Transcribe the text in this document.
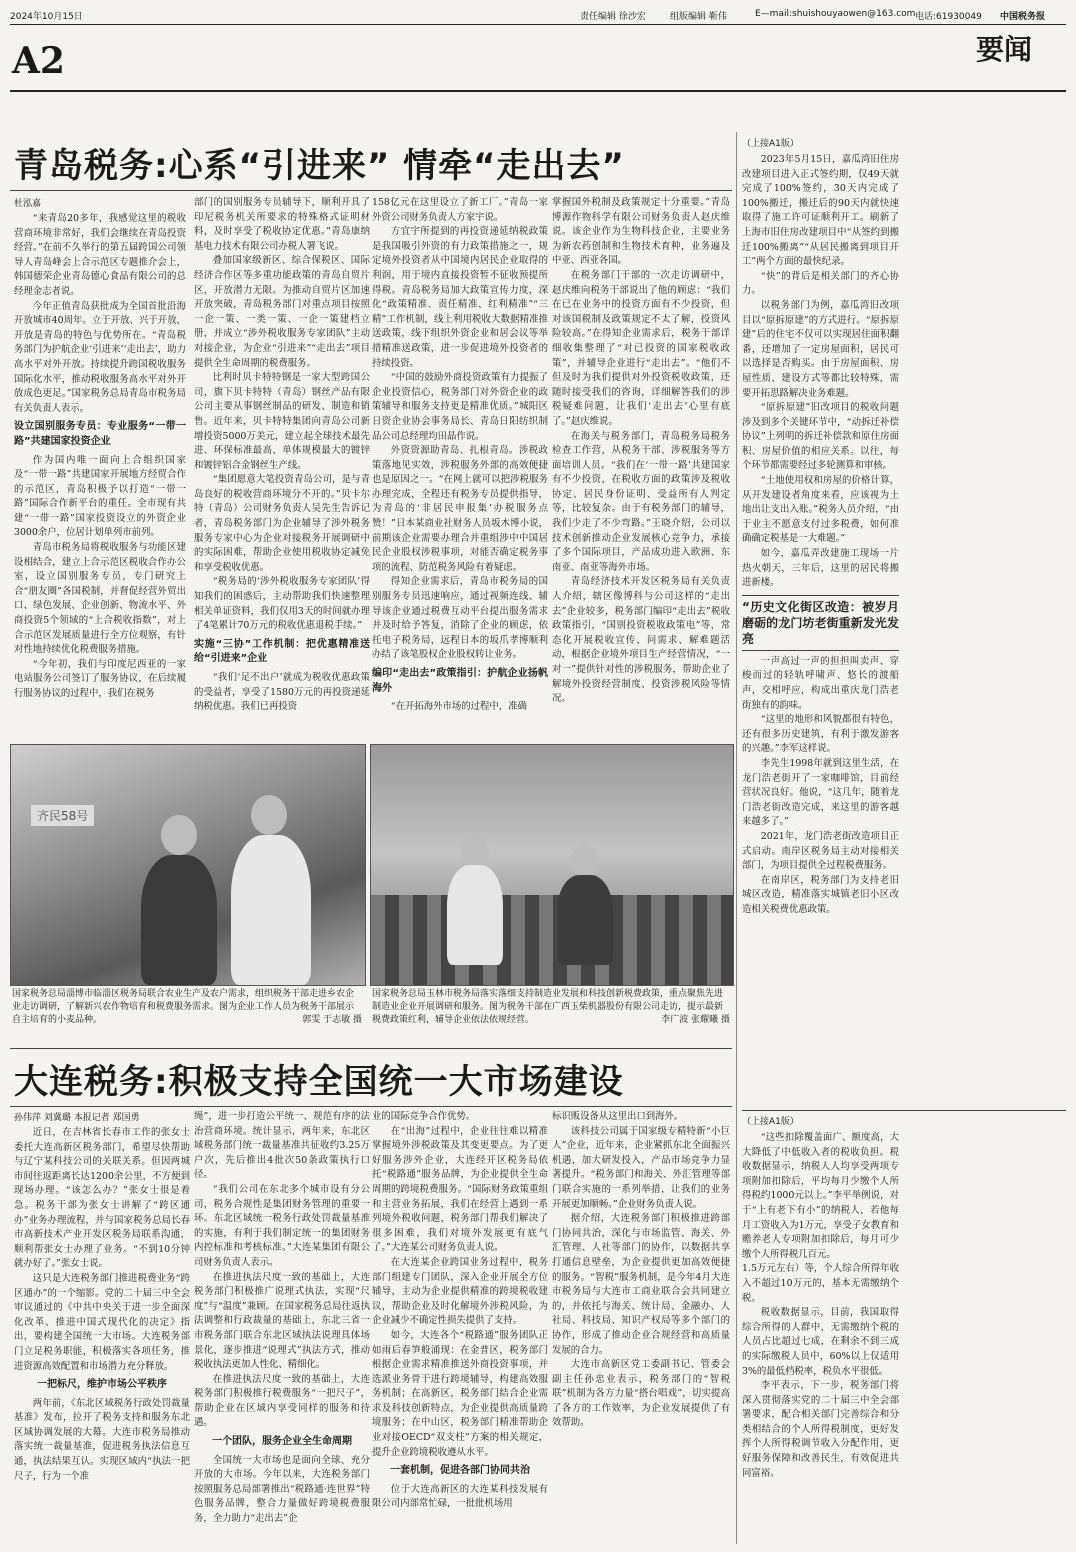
2024年10月15日	责任编辑 徐沙宏	组版编辑 靳伟	E—mail:shuishouyaowen@163.com 电话:61930049 中国税务报
A2	要闻
青岛税务:心系“引进来” 情牵“走出去”
杜泓嘉

“来青岛20多年，我感觉这里的税收营商环境非常好，我们会继续在青岛投资经营。”在前不久举行的第五届跨国公司领导人青岛峰会上合示范区专题推介会上，韩国德荣企业青岛德心食品有限公司的总经理金志者说。

今年正值青岛获批成为全国首批沿海开放城市40周年。立于开放、兴于开放，开放是青岛的特色与优势所在。“青岛税务部门为护航企业‘引进来’‘走出去’，助力高水平对外开放。持续提升跨国税收服务国际化水平，推动税收服务高水平对外开放成色更足。”国家税务总局青岛市税务局有关负责人表示。

设立国别服务专员：专业服务“一带一路”共建国家投资企业

作为国内唯一面向上合组织国家及“一带一路”共建国家开展地方经贸合作的示范区，青岛积极予以打造“一带一路”国际合作新平台的重任。全市现有共建“一带一路”国家投资设立的外资企业3000余户，位居计划单列市前列。

青岛市税务局将税收服务与功能区建设相结合，建立上合示范区税收合作办公室，设立国别服务专员，专门研究上合“朋友圈”各国税制，并督促经营外贸出口、绿色发展、企业创新、物流水平、外商投资5个领域的“上合税收指数”，对上合示范区发展质量进行全方位观察，有针对性地持续优化税费服务措施。

“今年初，我们与印度尼西亚的一家电站服务公司签订了服务协议，在后续履行服务协议的过程中，我们在税务

部门的国别服务专员辅导下，顺利开具了印尼税务机关所要求的特殊格式证明材料，及时享受了税收协定优惠。”青岛康纳基电力技术有限公司办税人署飞说。

叠加国家级新区、综合保税区、国际经济合作区等多重功能政策的青岛自贸片区，开放潜力无限。为推动自贸片区加速开放突破，青岛税务部门对重点项目按照一企一策、一类一策、一企一策建档立册，并成立“涉外税收服务专家团队”主动对接企业，为企业“引进来”“走出去”项目提供全生命周期的税费服务。

比利时贝卡特特钢是一家大型跨国公司，旗下贝卡特特（青岛）钢丝产品有限公司主要从事钢丝制品的研发、制造和销售。近年来，贝卡特特集团向青岛公司新增投资5000万美元，建立起全球技术最先进、环保标准最高、单体规模最大的镀锌和镀锌铝合金钢丝生产线。

“集团愿意大笔投资青岛公司，是与青岛良好的税收营商环境分不开的。”贝卡尔特（青岛）公司财务负责人吴先生告诉记者，青岛税务部门为企业辅导了涉外税务服务专家中心为企业对接税务开展调研中的实际困难，帮助企业使用税收协定减免和享受税收优惠。

“税务局的‘涉外税收服务专家团队’得知我们的困惑后，主动帮助我们快速整理相关单证资料，我们仅用3天的时间就办理了4笔累计70万元的税收优惠退税手续。”

实施“三协”工作机制：把优惠精准送给“引进来”企业

“我们‘足不出户’就成为税收优惠政策的受益者，享受了1580万元的再投资递延纳税优惠。我们已再投资

158亿元在这里设立了新工厂。”青岛一家外资公司财务负责人方家宇说。

方宜宇所提到的再投资递延纳税政策是我国吸引外资的有力政策措施之一，规定境外投资者从中国境内居民企业取得的利润，用于境内直接投资暂不征收预提所得税。青岛税务局加大政策宣传力度，深化“政策精准、责任精准、红利精准”“三精”工作机制，线上利用税收大数据精准推送政策，线下组织外资企业和居会议等举措精准送政策，进一步促进境外投资者的持续投资。

“中国的鼓励外商投资政策有力提振了企业投资信心，税务部门对外资企业的政策辅导和服务支持更是精准优质。”城阳区日资企业协会事务局长、青岛日阳纺织制品公司总经理均田晶作说。

外资资源助青岛、扎根青岛。涉税政策落地见实效，涉税服务外部的高效便捷也是原因之一。“在网上就可以把涉税服务办理完成，全程还有税务专员提供指导，为青岛的‘非居民申报集’办税服务点赞！”日本某商业社财务人员坂木博小说，前期该企业需要办理合并重组涉中中国居民企业股权涉税事项，对能否确定税务事项的流程、防范税务风险有着疑虑。

得知企业需求后，青岛市税务局的国别服务专员迅速响应，通过视频连线、辅导该企业通过税费互动平台提出服务需求并及时给予答复，消除了企业的顾虑，依托电子税务局，远程日本的坂爪孝博顺利办结了该笔股权企业股权转让业务。

编印“走出去”政策指引：护航企业扬帆海外

“在开拓海外市场的过程中，准确

掌握国外税制及政策规定十分重要。”青岛博源作物科学有限公司财务负责人赵庆维说。该企业作为生物科技企业，主要业务为新农药创制和生物技术育种，业务遍及中亚、西亚各国。

在税务部门干部的一次走访调研中，赵庆维向税务干部说出了他的顾虑：“我们在已在业务中的投资方面有不少投资，但对该国税制及政策规定不太了解，投资风险较高。”在得知企业需求后，税务干部详细收集整理了“对已投资的国家税收政策”，并辅导企业进行“走出去”。“他们不但及时为我们提供对外投资税收政策，还随时接受我们的咨询，详细解答我们的涉税疑难问题，让我们‘走出去’心里有底了。”赵庆维说。

在海关与税务部门，青岛税务局税务检查工作营，从税务干部、涉税服务等方面培训人员。“我们在‘一带一路’共建国家有不少投资，在税收方面的政策涉及税收协定、居民身份证明、受益所有人判定等，比较复杂。由于有税务部门的辅导，我们少走了不少弯路。”王晓介绍，公司以技术创新推动企业发展核心竞争力，承接了多个国际项目，产品成功进入欧洲、东南亚、南亚等海外市场。

青岛经济技术开发区税务局有关负责人介绍，辖区像博科与公司这样的“走出去”企业较多，税务部门编印“走出去”税收政策指引，“国别投资税收政策电”等，常态化开展税收宣传、问需求、解难题活动，根据企业境外项目生产经营情况，“一对一”提供针对性的涉税服务，帮助企业了解境外投资经营制度、投资涉税风险等情况。

齐民58号
国家税务总局淄博市临淄区税务局联合农业生产及农户需求，组织税务干部走进乡农企业走访调研，了解新兴农作物培育和税费服务需求。图为企业工作人员为税务干部展示自主培育的小麦品种。	郭雯 于志敏 摄
国家税务总局玉林市税务局落实落细支持制造业发展和科技创新税费政策，重点聚焦先进制造业企业开展调研和服务。图为税务干部在广西玉柴机器股份有限公司走访，提示最新税费政策红利，辅导企业依法依规经营。	李广波 张耀曦 摄
大连税务:积极支持全国统一大市场建设
孙伟萍 刘冀璐 本报记者 郑国勇

近日，在吉林省长春市工作的张女士委托大连高新区税务部门，希望尽快帮助与辽宁某科技公司的关联关系。但因两城市间往返距离长达1200余公里，不方便到现场办理。“该怎么办？”张女士很是着急。税务干部为张女士讲解了“跨区通办”业务办理流程，并与国家税务总局长春市高新技术产业开发区税务局联系沟通，顺利帮张女士办理了业务。“不到10分钟就办好了。”张女士说。

这只是大连税务部门推进税费业务“跨区通办”的一个缩影。党的二十届三中全会审议通过的《中共中央关于进一步全面深化改革、推进中国式现代化的决定》指出，要构建全国统一大市场。大连税务部门立足税务职能，积极落实各项任务，推进资源高效配置和市场潜力充分释放。

一把标尺，维护市场公平秩序

两年前，《东北区域税务行政处罚裁量基准》发布，拉开了税务支持和服务东北区域协调发展的大幕。大连市税务局推动落实统一裁量基准，促进税务执法信息互通，执法结果互认。实现区域内“执法一把尺子，行为一个准

绳”，进一步打造公平统一、规范有序的法治营商环境。统计显示，两年来，东北区域税务部门统一裁量基准共征收约3.25万户次，先后推出4批次50条政策执行口径。

“我们公司在东北多个城市设有分公司，税务合规性是集团财务管理的重要一环。东北区域统一税务行政处罚裁量基准的实施，有利于我们制定统一的集团财务内控标准和考核标准。”大连某集团有限公司财务负责人表示。

在推进执法尺度一致的基础上，大连税务部门积极推广说理式执法，实现“尺度”与“温度”兼顾。在国家税务总局往返执法调整和行政裁量的基础上，东北三省一市税务部门联合东北区域执法说理具体场景化，逐步推进“说理式”执法方式，推动税收执法更加人性化、精细化。

在推进执法尺度一致的基础上，大连税务部门积极推行税费服务“一把尺子”，帮助企业在区域内享受同样的服务和待遇。

一个团队，服务企业全生命周期

全国统一大市场也是面向全球、充分开放的大市场。今年以来，大连税务部门按照服务总局部署推出“税路通·连世界”特色服务品牌，整合力量做好跨境税费服务，全力助力“走出去”企

业的国际竞争合作优势。

在“出海”过程中，企业往往难以精准掌握境外涉税政策及其变更要点。为了更好服务涉外企业，大连经开区税务局依托“税路通”服务品牌，为企业提供全生命周期的跨境税费服务。“国际财务政策重组和主营业务拓展，我们在经营上遇到一系列境外税收问题，税务部门帮我们解决了很多困难，我们对境外发展更有底气了。”大连某公司财务负责人说。

在大连某企业跨国业务过程中，税务部门组建专门团队，深入企业开展全方位辅导，主动为企业提供精准的跨境税收建议，帮助企业及时化解境外涉税风险，为企业减少不确定性损失提供了支持。

如今，大连各个“税路通”服务团队正如雨后春笋般涌现：在金普区，税务部门根据企业需求精准推送外商投资事项，并选派业务骨干进行跨境辅导，构建高效服务机制；在高新区，税务部门结合企业需求及科技创新特点，为企业提供高质量跨境服务；在中山区，税务部门精准帮助企业对接OECD“双支柱”方案的相关规定，提升企业跨境税收遵从水平。

一套机制，促进各部门协同共治

位于大连高新区的大连某科技发展有限公司内部常忙碌，一批批机场用

标识贩设备从这里出口到海外。

该科技公司属于国家级专精特新“小巨人”企业，近年来，企业紧抓东北全面振兴机遇，加大研发投入，产品市场竞争力显著提升。“税务部门和海关、外汇管理等部门联合实施的一系列举措，让我们的业务开展更加顺畅。”企业财务负责人说。

据介绍，大连税务部门积极推进跨部门协同共治，深化与市场监管、海关、外汇管理、人社等部门的协作，以数据共享打通信息壁垒，为企业提供更加高效便捷的服务。“智税”服务机制，是今年4月大连市税务局与大连市工商业联合会共同建立的，并依托与海关、统计局、金融办、人社局、科技局、知识产权局等多个部门的协作，形成了推动企业合规经营和高质量发展的合力。

大连市高新区党工委副书记、管委会副主任孙忠业表示，税务部门的“智税联”机制为各方力量“搭台唱戏”，切实提高了各方的工作效率，为企业发展提供了有效帮助。

（上接A1版）

2023年5月15日，嘉瓜湾旧住房改建项目进入正式签约期，仅49天就完成了100%签约，30天内完成了100%搬迁，搬迁后的90天内就快速取得了施工许可证顺利开工。刷新了上海市旧住房改建项目中“从签约到搬迁100%搬离”“从居民搬离到项目开工”两个方面的最快纪录。

“快”的背后是相关部门的齐心协力。

以税务部门为例，嘉瓜湾旧改项目以“原拆原建”的方式进行。“原拆原建”后的住宅不仅可以实现居住面积翻番，还增加了一定房屋面积，居民可以选择是否购买。由于房屋面积、房屋性质、建设方式等都比较特殊，需要开拓思路解决业务难题。

“原拆原建”旧改项目的税收问题涉及到多个关键环节中，“动拆迁补偿协议”上列明的拆迁补偿款和原住房面积、房屋价值的相应关系。以往，每个环节都需要经过多轮测算和审核。

“土地使用权和房屋的价格计算，从开发建设者角度来看，应该视为土地出让支出入账。”税务人员介绍，“由于业主不愿意支付过多税费，如何准确确定税基是一大难题。”

如今，嘉瓜弄改建施工现场一片热火朝天，三年后，这里的居民将搬进新楼。

“历史文化街区改造：被岁月磨砺的龙门坊老街重新发光发亮

一声高过一声的担担叫卖声、穿梭而过的轻轨呼啸声、悠长的渡船声，交相呼应，构成出重庆龙门浩老街独有的韵味。

“这里的地形和风貌都很有特色，还有很多历史建筑，有利于激发游客的兴趣。”李军这样说。

李先生1998年就到这里生活，在龙门浩老街开了一家咖啡馆，目前经营状况良好。他说，“这几年，随着龙门浩老街改造完成，来这里的游客越来越多了。”

2021年，龙门浩老街改造项目正式启动。南岸区税务局主动对接相关部门，为项目提供全过程税费服务。

在南岸区，税务部门为支持老旧城区改造，精准落实城镇老旧小区改造相关税费优惠政策。

（上接A1版）

“这些扣除覆盖面广、额度高，大大降低了中低收入者的税收负担。税收数据显示，纳税人人均享受两项专项附加扣除后，平均每月少缴个人所得税约1000元以上。”李平举例说，对于“上有老下有小”的纳税人，若他每月工资收入为1万元，享受子女教育和赡养老人专项附加扣除后，每月可少缴个人所得税几百元。

1.5万元左右）等，个人综合所得年收入不超过10万元的，基本无需缴纳个税。

税收数据显示，目前，我国取得综合所得的人群中，无需缴纳个税的人员占比超过七成，在剩余不到三成的实际缴税人员中，60%以上仅适用3%的最低档税率，税负水平很低。

李平表示，下一步，税务部门将深入贯彻落实党的二十届三中全会部署要求，配合相关部门完善综合和分类相结合的个人所得税制度，更好发挥个人所得税调节收入分配作用，更好服务保障和改善民生，有效促进共同富裕。
